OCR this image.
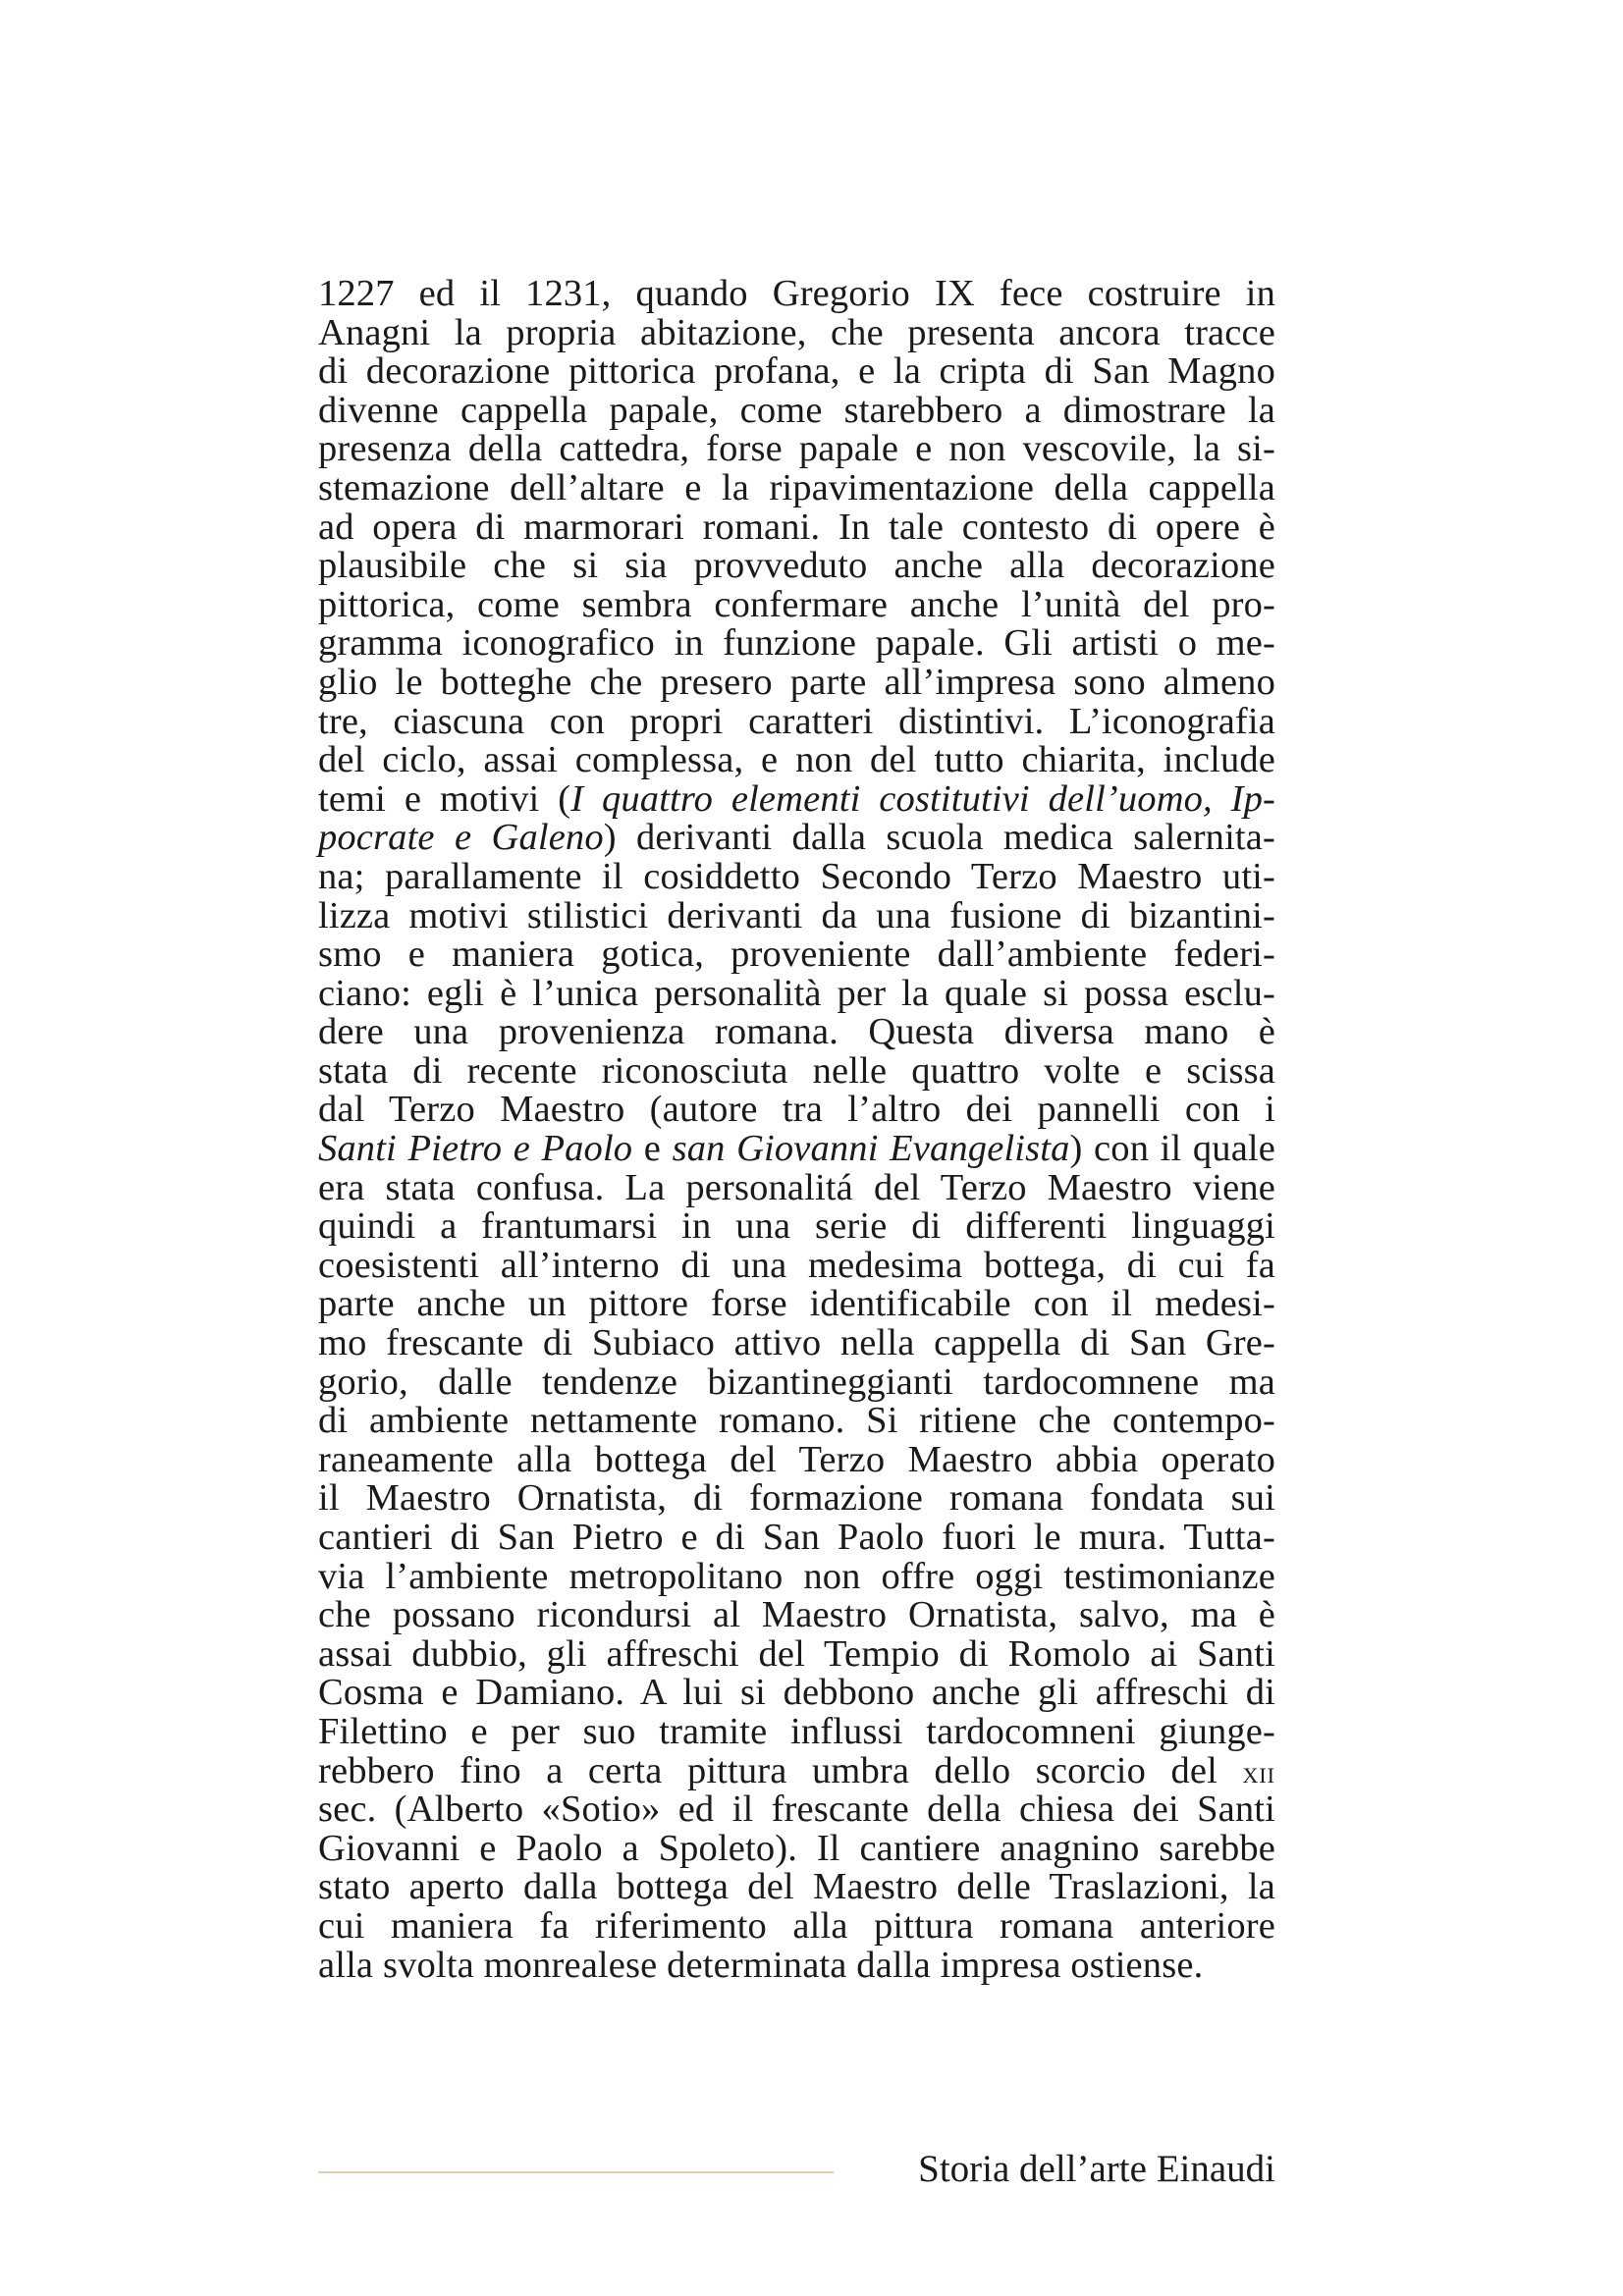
1227 ed il 1231, quando Gregorio IX fece costruire in
Anagni la propria abitazione, che presenta ancora tracce
di decorazione pittorica profana, e la cripta di San Magno
divenne cappella papale, come starebbero a dimostrare la
presenza della cattedra, forse papale e non vescovile, la si-
stemazione dell’altare e la ripavimentazione della cappella
ad opera di marmorari romani. In tale contesto di opere è
plausibile che si sia provveduto anche alla decorazione
pittorica, come sembra confermare anche l’unità del pro-
gramma iconografico in funzione papale. Gli artisti o me-
glio le botteghe che presero parte all’impresa sono almeno
tre, ciascuna con propri caratteri distintivi. L’iconografia
del ciclo, assai complessa, e non del tutto chiarita, include
temi e motivi (I quattro elementi costitutivi dell’uomo, Ip-
pocrate e Galeno) derivanti dalla scuola medica salernita-
na; parallamente il cosiddetto Secondo Terzo Maestro uti-
lizza motivi stilistici derivanti da una fusione di bizantini-
smo e maniera gotica, proveniente dall’ambiente federi-
ciano: egli è l’unica personalità per la quale si possa esclu-
dere una provenienza romana. Questa diversa mano è
stata di recente riconosciuta nelle quattro volte e scissa
dal Terzo Maestro (autore tra l’altro dei pannelli con i
Santi Pietro e Paolo e san Giovanni Evangelista) con il quale
era stata confusa. La personalitá del Terzo Maestro viene
quindi a frantumarsi in una serie di differenti linguaggi
coesistenti all’interno di una medesima bottega, di cui fa
parte anche un pittore forse identificabile con il medesi-
mo frescante di Subiaco attivo nella cappella di San Gre-
gorio, dalle tendenze bizantineggianti tardocomnene ma
di ambiente nettamente romano. Si ritiene che contempo-
raneamente alla bottega del Terzo Maestro abbia operato
il Maestro Ornatista, di formazione romana fondata sui
cantieri di San Pietro e di San Paolo fuori le mura. Tutta-
via l’ambiente metropolitano non offre oggi testimonianze
che possano ricondursi al Maestro Ornatista, salvo, ma è
assai dubbio, gli affreschi del Tempio di Romolo ai Santi
Cosma e Damiano. A lui si debbono anche gli affreschi di
Filettino e per suo tramite influssi tardocomneni giunge-
rebbero fino a certa pittura umbra dello scorcio del xii
sec. (Alberto «Sotio» ed il frescante della chiesa dei Santi
Giovanni e Paolo a Spoleto). Il cantiere anagnino sarebbe
stato aperto dalla bottega del Maestro delle Traslazioni, la
cui maniera fa riferimento alla pittura romana anteriore
alla svolta monrealese determinata dalla impresa ostiense.
Storia dell’arte Einaudi
